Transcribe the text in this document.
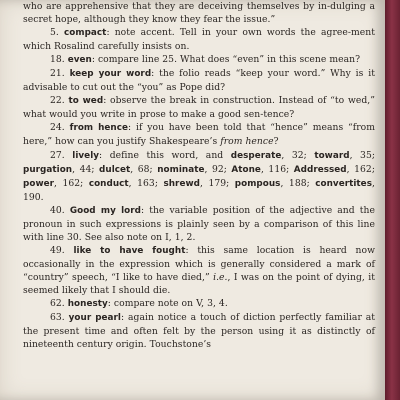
who are apprehensive that they are deceiving themselves by in-dulging a secret hope, although they know they fear the issue.”

5. compact: note accent. Tell in your own words the agree-ment which Rosalind carefully insists on.

18. even: compare line 25. What does “even” in this scene mean?

21. keep your word: the folio reads “keep your word.” Why is it advisable to cut out the “you” as Pope did?

22. to wed: observe the break in construction. Instead of “to wed,” what would you write in prose to make a good sen-tence?

24. from hence: if you have been told that “hence” means “from here,” how can you justify Shakespeare’s from hence?

27. lively: define this word, and desperate, 32; toward, 35; purgation, 44; dulcet, 68; nominate, 92; Atone, 116; Addressed, 162; power, 162; conduct, 163; shrewd, 179; pompous, 188; convertites, 190.

40. Good my lord: the variable position of the adjective and the pronoun in such expressions is plainly seen by a comparison of this line with line 30. See also note on I, 1, 2.

49. like to have fought: this same location is heard now occasionally in the expression which is generally considered a mark of “country” speech, “I like to have died,” i.e., I was on the point of dying, it seemed likely that I should die.

62. honesty: compare note on V, 3, 4.

63. your pearl: again notice a touch of diction perfectly familiar at the present time and often felt by the person using it as distinctly of nineteenth century origin. Touchstone’s
